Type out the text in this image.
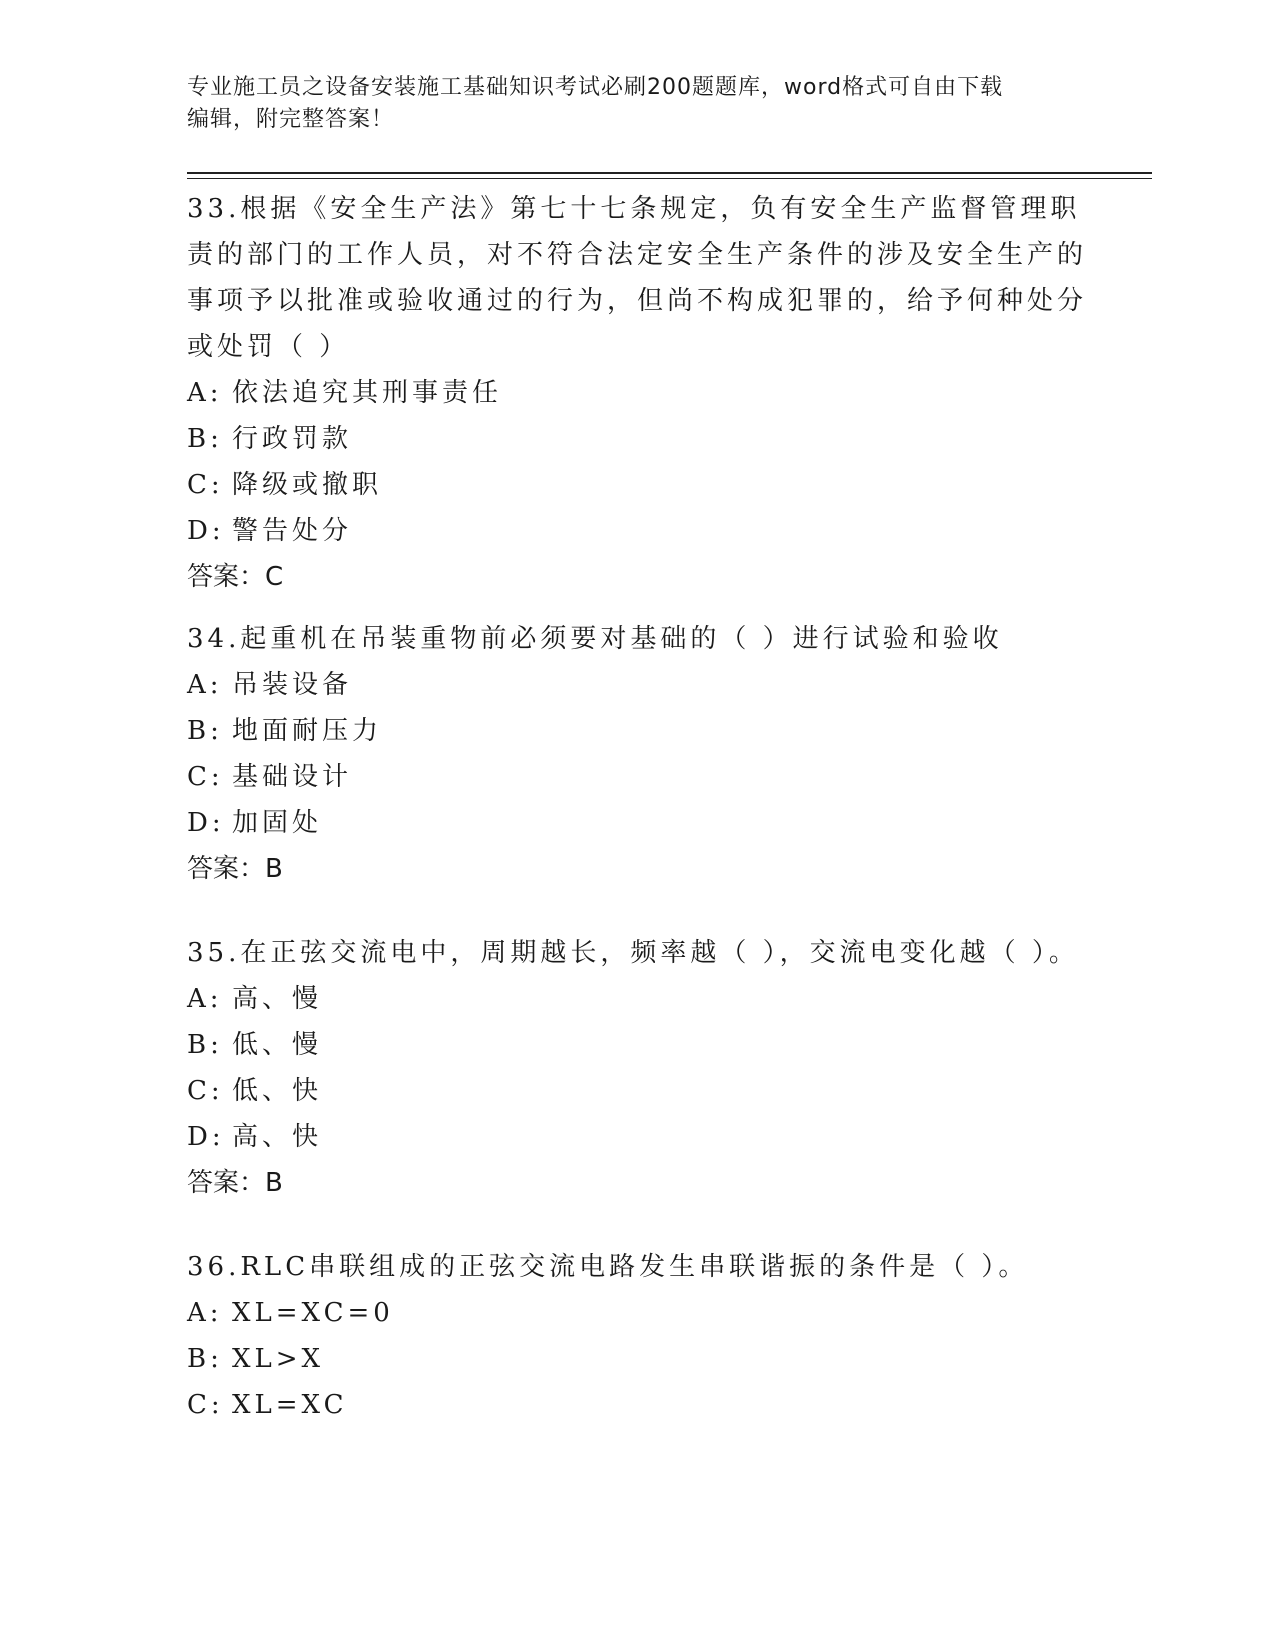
专业施工员之设备安装施工基础知识考试必刷200题题库，word格式可自由下载
编辑，附完整答案！

33.根据《安全生产法》第七十七条规定，负有安全生产监督管理职责的部门的工作人员，对不符合法定安全生产条件的涉及安全生产的事项予以批准或验收通过的行为，但尚不构成犯罪的，给予何种处分或处罚（ ）

A: 依法追究其刑事责任
B: 行政罚款
C: 降级或撤职
D: 警告处分
答案：C

34.起重机在吊装重物前必须要对基础的（ ）进行试验和验收

A: 吊装设备
B: 地面耐压力
C: 基础设计
D: 加固处
答案：B

35.在正弦交流电中，周期越长，频率越（ ），交流电变化越（ ）。

A: 高、慢
B: 低、慢
C: 低、快
D: 高、快
答案：B

36.RLC串联组成的正弦交流电路发生串联谐振的条件是（ ）。

A: XL=XC=0
B: XL>X
C: XL=XC
